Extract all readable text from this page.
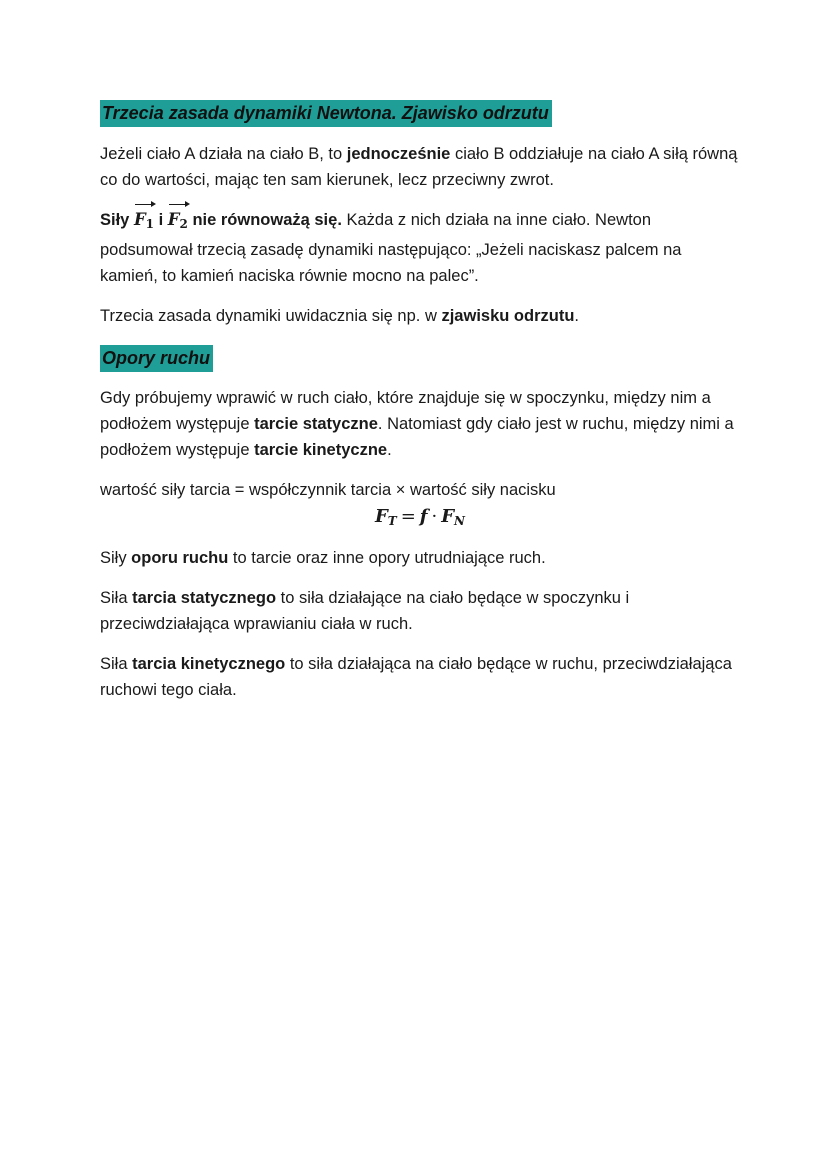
Trzecia zasada dynamiki Newtona. Zjawisko odrzutu

Jeżeli ciało A działa na ciało B, to jednocześnie ciało B oddziałuje na ciało A siłą równą co do wartości, mając ten sam kierunek, lecz przeciwny zwrot.

Siły $F_1$ i $F_2$ nie równoważą się. Każda z nich działa na inne ciało. Newton podsumował trzecią zasadę dynamiki następująco: „Jeżeli naciskasz palcem na kamień, to kamień naciska równie mocno na palec”.

Trzecia zasada dynamiki uwidacznia się np. w zjawisku odrzutu.

Opory ruchu

Gdy próbujemy wprawić w ruch ciało, które znajduje się w spoczynku, między nim a podłożem występuje tarcie statyczne. Natomiast gdy ciało jest w ruchu, między nimi a podłożem występuje tarcie kinetyczne.

wartość siły tarcia = współczynnik tarcia × wartość siły nacisku

$F_T = f \cdot F_N$

Siły oporu ruchu to tarcie oraz inne opory utrudniające ruch.

Siła tarcia statycznego to siła działające na ciało będące w spoczynku i przeciwdziałająca wprawianiu ciała w ruch.

Siła tarcia kinetycznego to siła działająca na ciało będące w ruchu, przeciwdziałająca ruchowi tego ciała.
